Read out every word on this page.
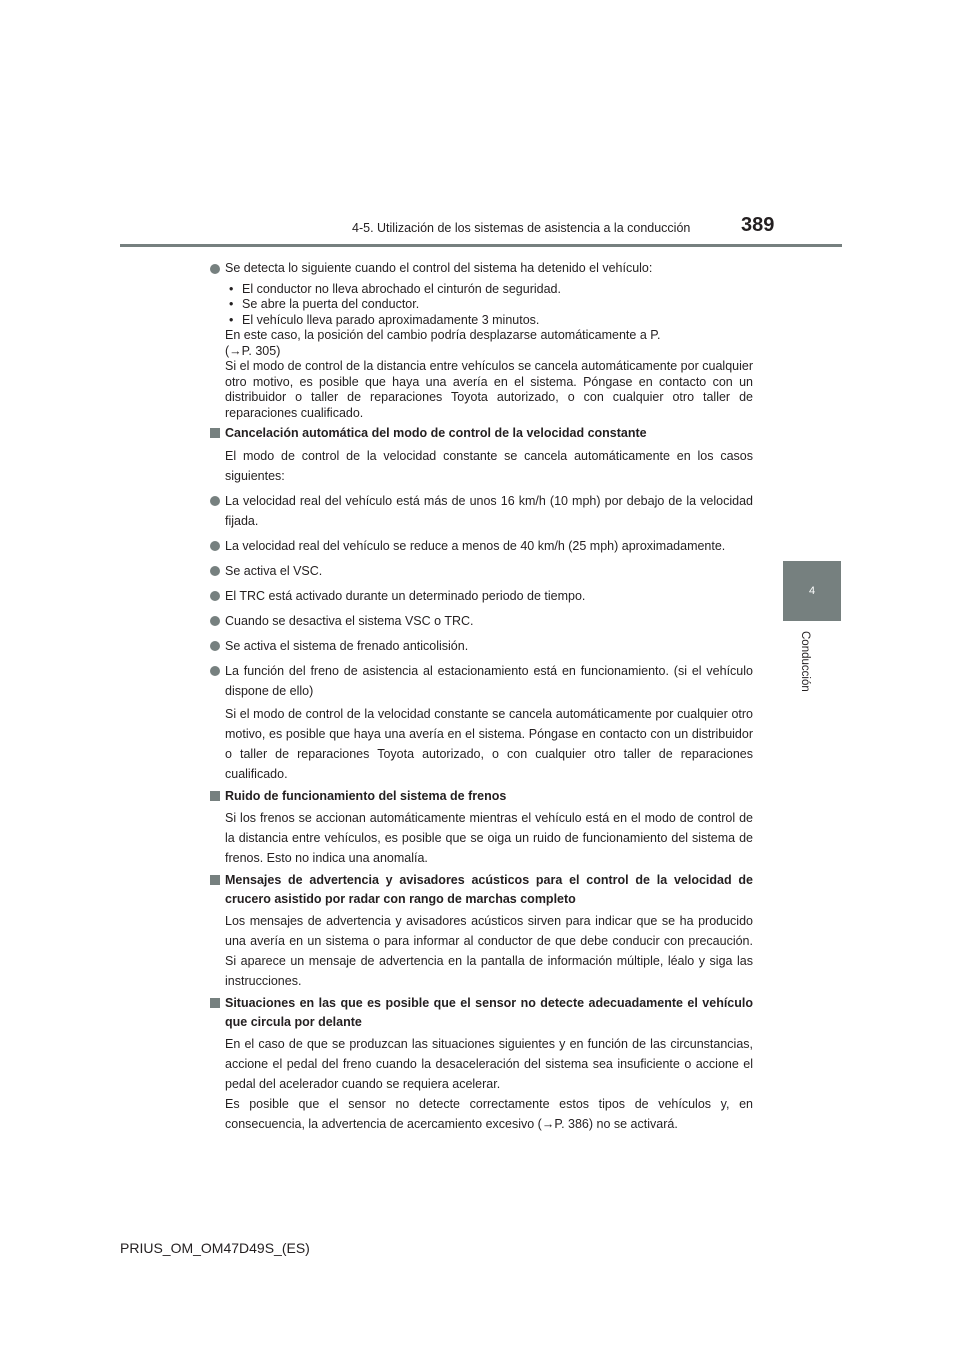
4-5. Utilización de los sistemas de asistencia a la conducción	389
4
Conducción

Se detecta lo siguiente cuando el control del sistema ha detenido el vehículo:

• El conductor no lleva abrochado el cinturón de seguridad.
• Se abre la puerta del conductor.
• El vehículo lleva parado aproximadamente 3 minutos.

En este caso, la posición del cambio podría desplazarse automáticamente a P.

(→P. 305)

Si el modo de control de la distancia entre vehículos se cancela automáticamente por cualquier otro motivo, es posible que haya una avería en el sistema. Póngase en contacto con un distribuidor o taller de reparaciones Toyota autorizado, o con cualquier otro taller de reparaciones cualificado.

Cancelación automática del modo de control de la velocidad constante

El modo de control de la velocidad constante se cancela automáticamente en los casos siguientes:

La velocidad real del vehículo está más de unos 16 km/h (10 mph) por debajo de la velocidad fijada.

La velocidad real del vehículo se reduce a menos de 40 km/h (25 mph) aproximadamente.

Se activa el VSC.

El TRC está activado durante un determinado periodo de tiempo.

Cuando se desactiva el sistema VSC o TRC.

Se activa el sistema de frenado anticolisión.

La función del freno de asistencia al estacionamiento está en funcionamiento. (si el vehículo dispone de ello)

Si el modo de control de la velocidad constante se cancela automáticamente por cualquier otro motivo, es posible que haya una avería en el sistema. Póngase en contacto con un distribuidor o taller de reparaciones Toyota autorizado, o con cualquier otro taller de reparaciones cualificado.

Ruido de funcionamiento del sistema de frenos

Si los frenos se accionan automáticamente mientras el vehículo está en el modo de control de la distancia entre vehículos, es posible que se oiga un ruido de funcionamiento del sistema de frenos. Esto no indica una anomalía.

Mensajes de advertencia y avisadores acústicos para el control de la velocidad de crucero asistido por radar con rango de marchas completo

Los mensajes de advertencia y avisadores acústicos sirven para indicar que se ha producido una avería en un sistema o para informar al conductor de que debe conducir con precaución. Si aparece un mensaje de advertencia en la pantalla de información múltiple, léalo y siga las instrucciones.

Situaciones en las que es posible que el sensor no detecte adecuadamente el vehículo que circula por delante

En el caso de que se produzcan las situaciones siguientes y en función de las circunstancias, accione el pedal del freno cuando la desaceleración del sistema sea insuficiente o accione el pedal del acelerador cuando se requiera acelerar.

Es posible que el sensor no detecte correctamente estos tipos de vehículos y, en consecuencia, la advertencia de acercamiento excesivo (→P. 386) no se activará.

PRIUS_OM_OM47D49S_(ES)
